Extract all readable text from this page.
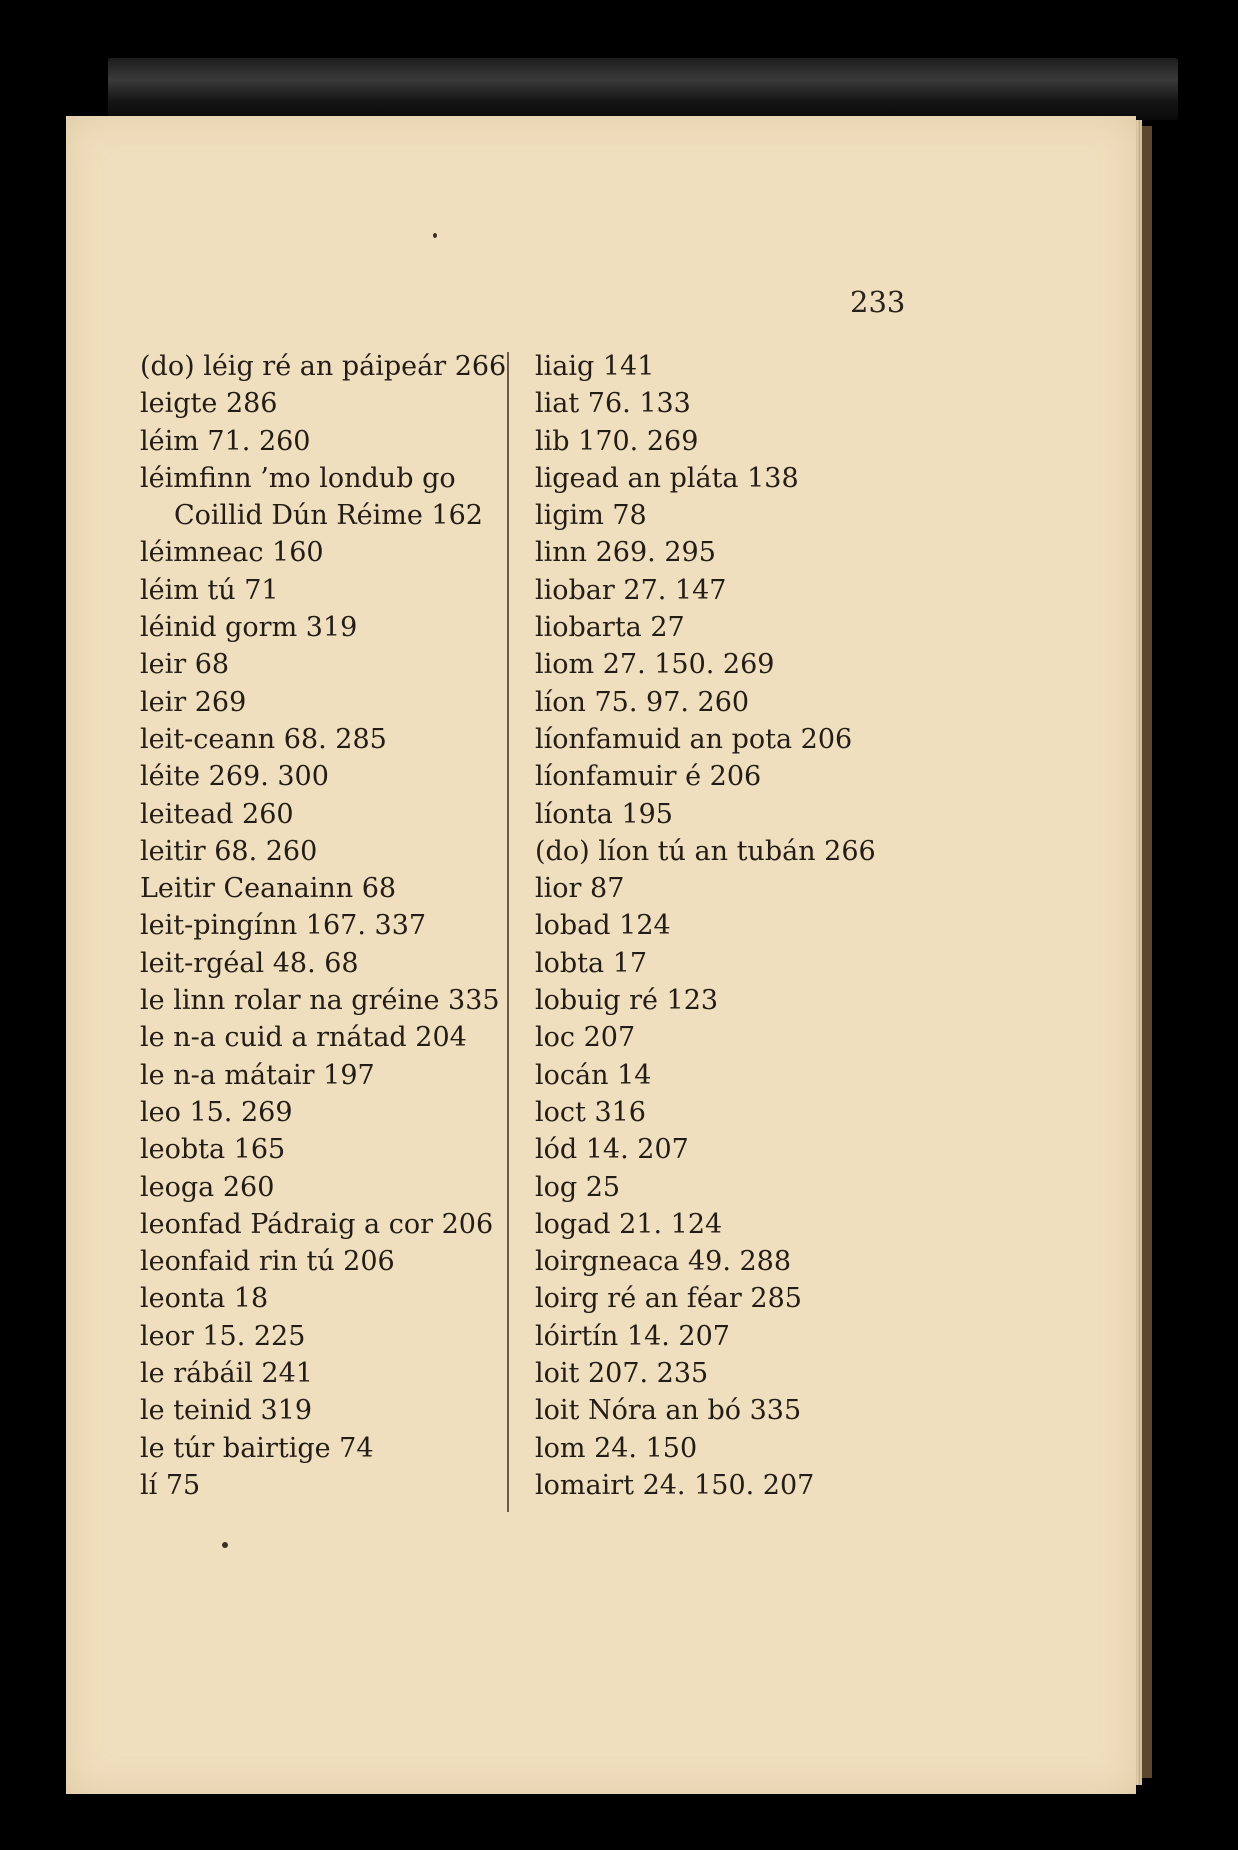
233
(do) léig ré an páipeár 266
leigte 286
léim 71. 260
léimfinn ’mo londub go
Coillid Dún Réime 162
léimneac 160
léim tú 71
léinid gorm 319
leir 68
leir 269
leit-ceann 68. 285
léite 269. 300
leitead 260
leitir 68. 260
Leitir Ceanainn 68
leit-pingínn 167. 337
leit-rgéal 48. 68
le linn rolar na gréine 335
le n-a cuid a rnátad 204
le n-a mátair 197
leo 15. 269
leobta 165
leoga 260
leonfad Pádraig a cor 206
leonfaid rin tú 206
leonta 18
leor 15. 225
le rábáil 241
le teinid 319
le túr bairtige 74
lí 75
liaig 141
liat 76. 133
lib 170. 269
ligead an pláta 138
ligim 78
linn 269. 295
liobar 27. 147
liobarta 27
liom 27. 150. 269
líon 75. 97. 260
líonfamuid an pota 206
líonfamuir é 206
líonta 195
(do) líon tú an tubán 266
lior 87
lobad 124
lobta 17
lobuig ré 123
loc 207
locán 14
loct 316
lód 14. 207
log 25
logad 21. 124
loirgneaca 49. 288
loirg ré an féar 285
lóirtín 14. 207
loit 207. 235
loit Nóra an bó 335
lom 24. 150
lomairt 24. 150. 207
